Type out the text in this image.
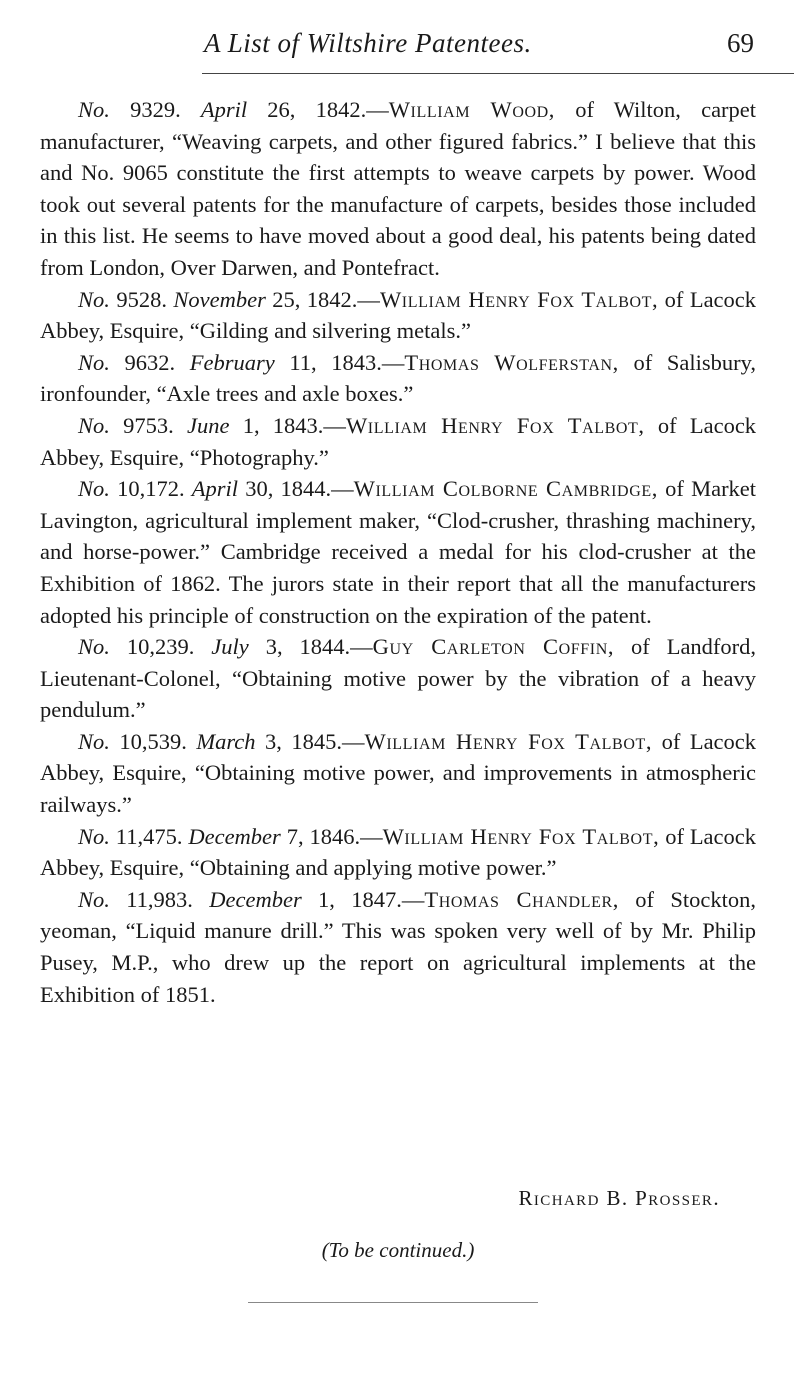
A List of Wiltshire Patentees.	69

No. 9329. April 26, 1842.—William Wood, of Wilton, carpet manufacturer, “Weaving carpets, and other figured fabrics.” I believe that this and No. 9065 constitute the first attempts to weave carpets by power. Wood took out several patents for the manufacture of carpets, besides those included in this list. He seems to have moved about a good deal, his patents being dated from London, Over Darwen, and Pontefract.

No. 9528. November 25, 1842.—William Henry Fox Talbot, of Lacock Abbey, Esquire, “Gilding and silvering metals.”

No. 9632. February 11, 1843.—Thomas Wolferstan, of Salisbury, ironfounder, “Axle trees and axle boxes.”

No. 9753. June 1, 1843.—William Henry Fox Talbot, of Lacock Abbey, Esquire, “Photography.”

No. 10,172. April 30, 1844.—William Colborne Cambridge, of Market Lavington, agricultural implement maker, “Clod-crusher, thrashing machinery, and horse-power.” Cambridge received a medal for his clod-crusher at the Exhibition of 1862. The jurors state in their report that all the manufacturers adopted his principle of construction on the expiration of the patent.

No. 10,239. July 3, 1844.—Guy Carleton Coffin, of Landford, Lieutenant-Colonel, “Obtaining motive power by the vibration of a heavy pendulum.”

No. 10,539. March 3, 1845.—William Henry Fox Talbot, of Lacock Abbey, Esquire, “Obtaining motive power, and improvements in atmospheric railways.”

No. 11,475. December 7, 1846.—William Henry Fox Talbot, of Lacock Abbey, Esquire, “Obtaining and applying motive power.”

No. 11,983. December 1, 1847.—Thomas Chandler, of Stockton, yeoman, “Liquid manure drill.” This was spoken very well of by Mr. Philip Pusey, M.P., who drew up the report on agricultural implements at the Exhibition of 1851.

Richard B. Prosser.
(To be continued.)
